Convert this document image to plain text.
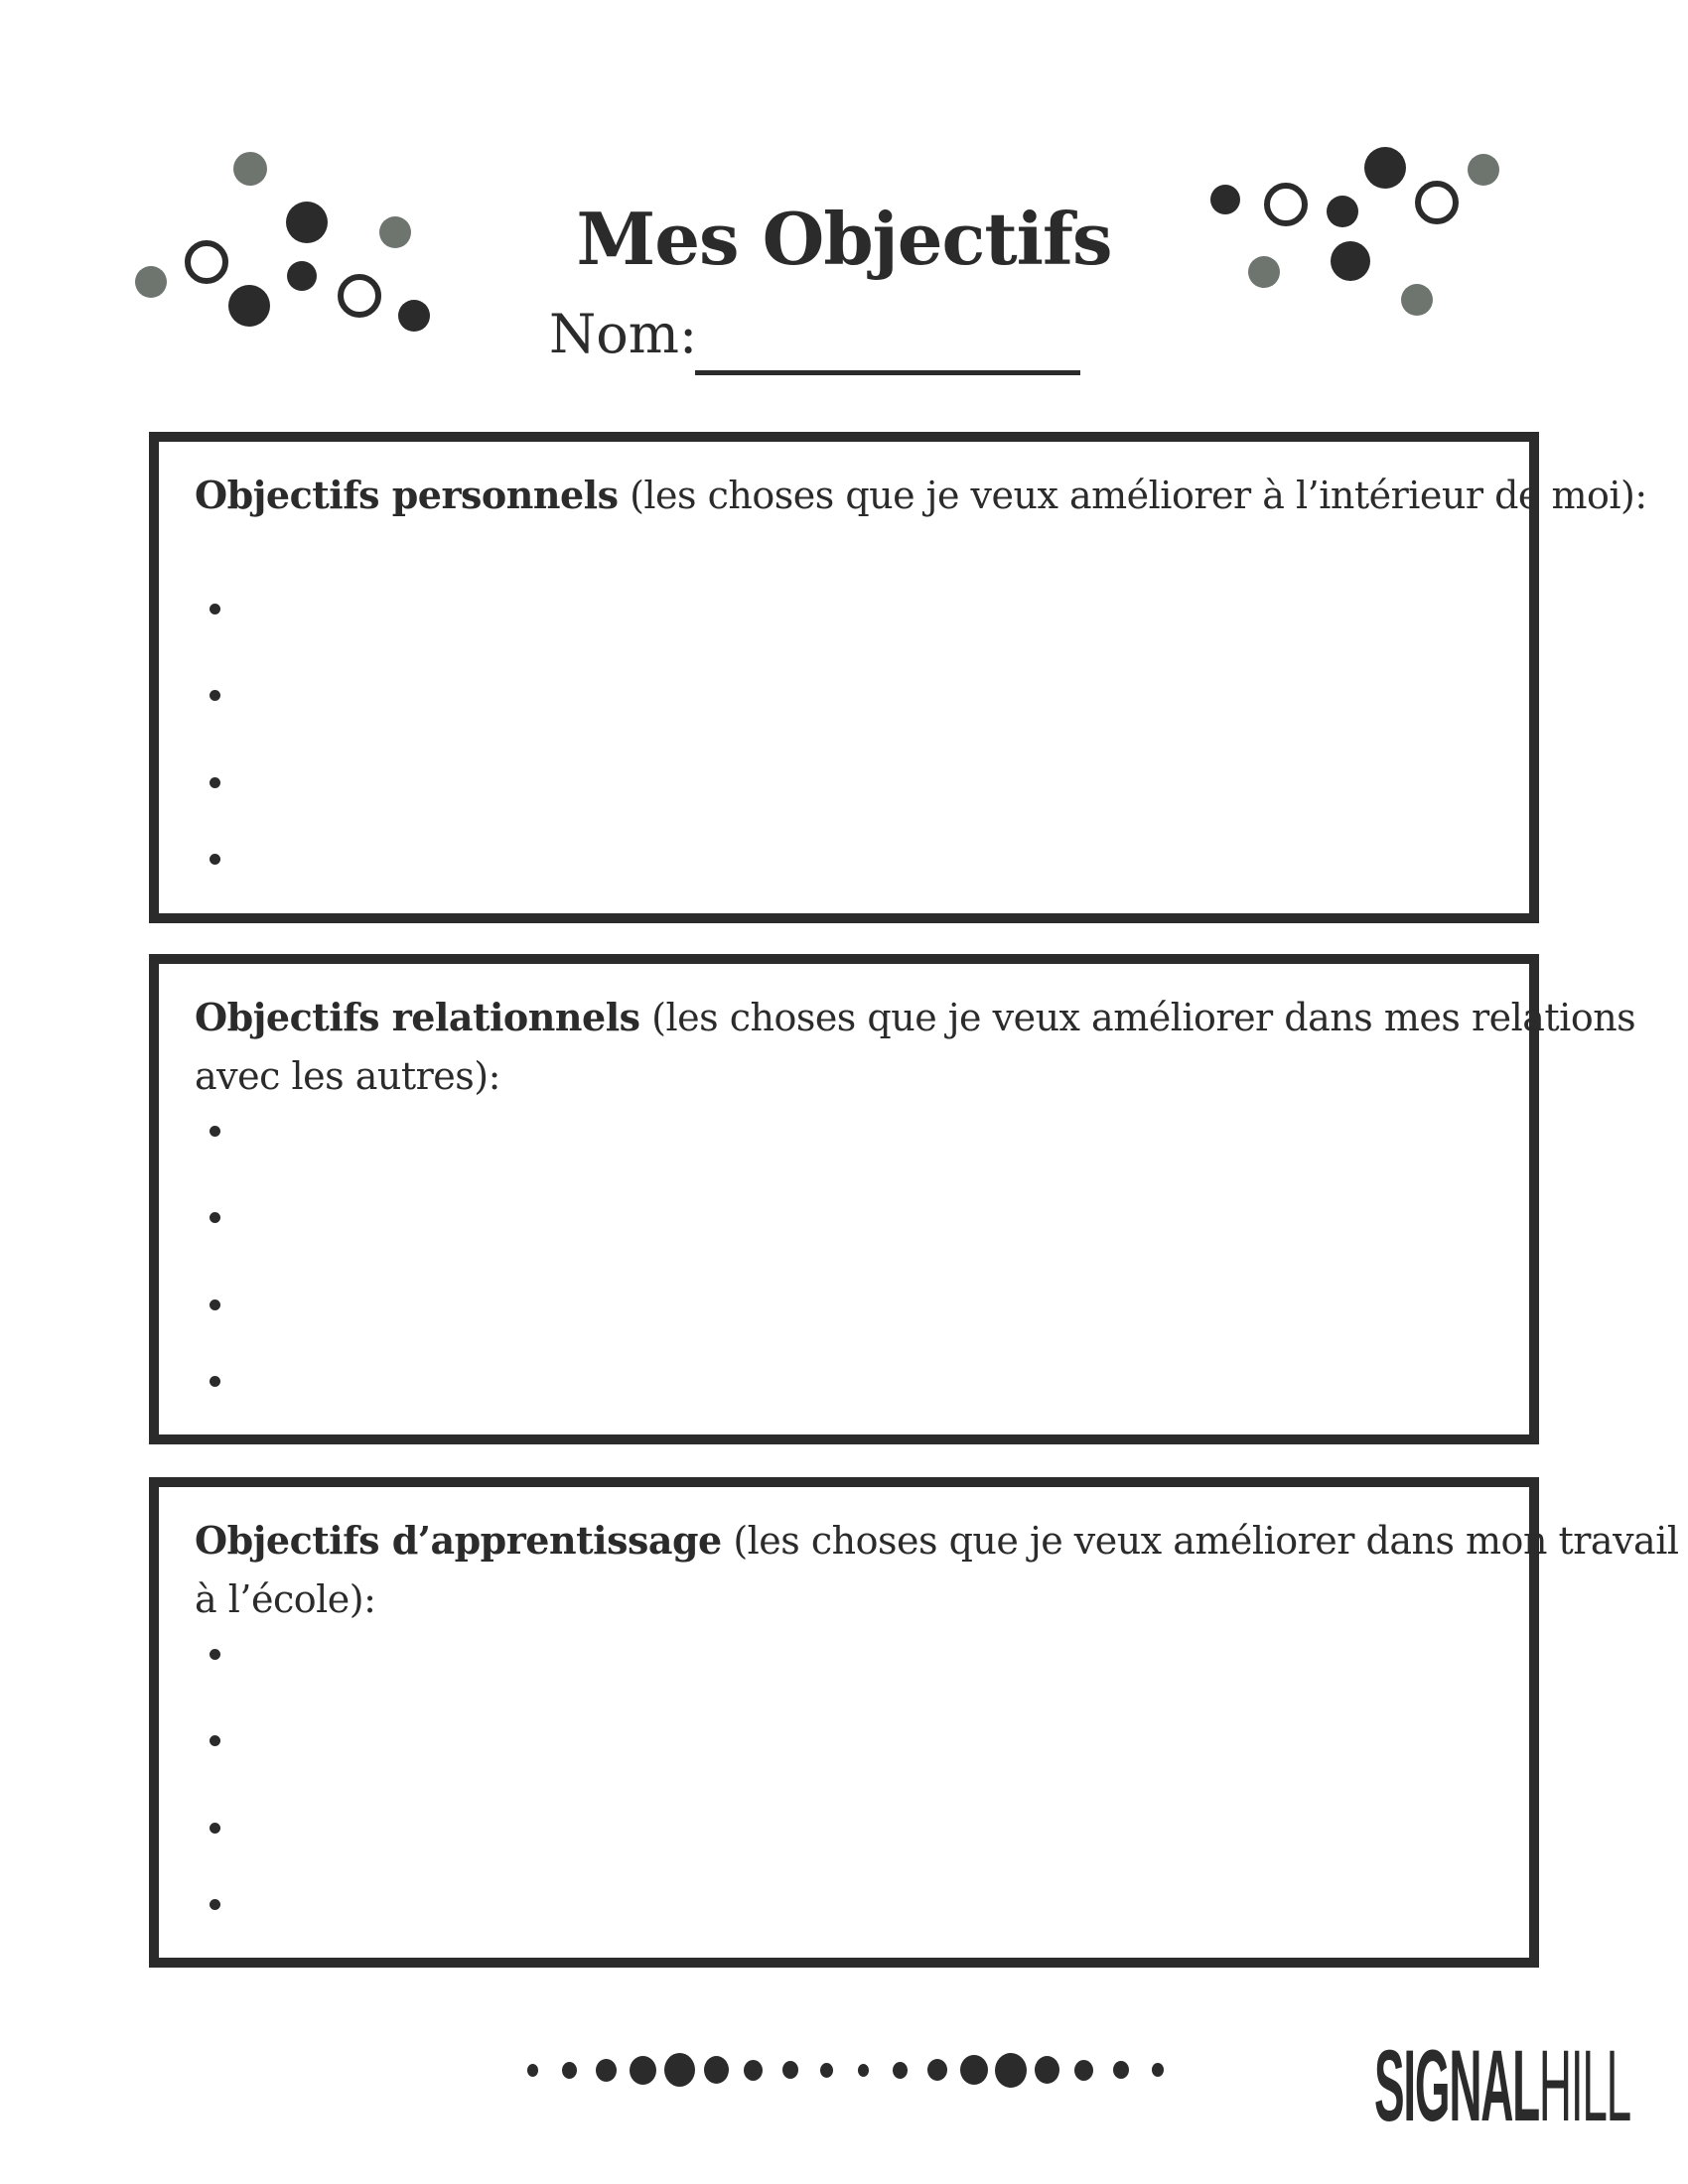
Mes Objectifs
Nom:
Objectifs personnels (les choses que je veux améliorer à l’intérieur de moi):
Objectifs relationnels (les choses que je veux améliorer dans mes relations
avec les autres):
Objectifs d’apprentissage (les choses que je veux améliorer dans mon travail
à l’école):
SIGNALHILL
